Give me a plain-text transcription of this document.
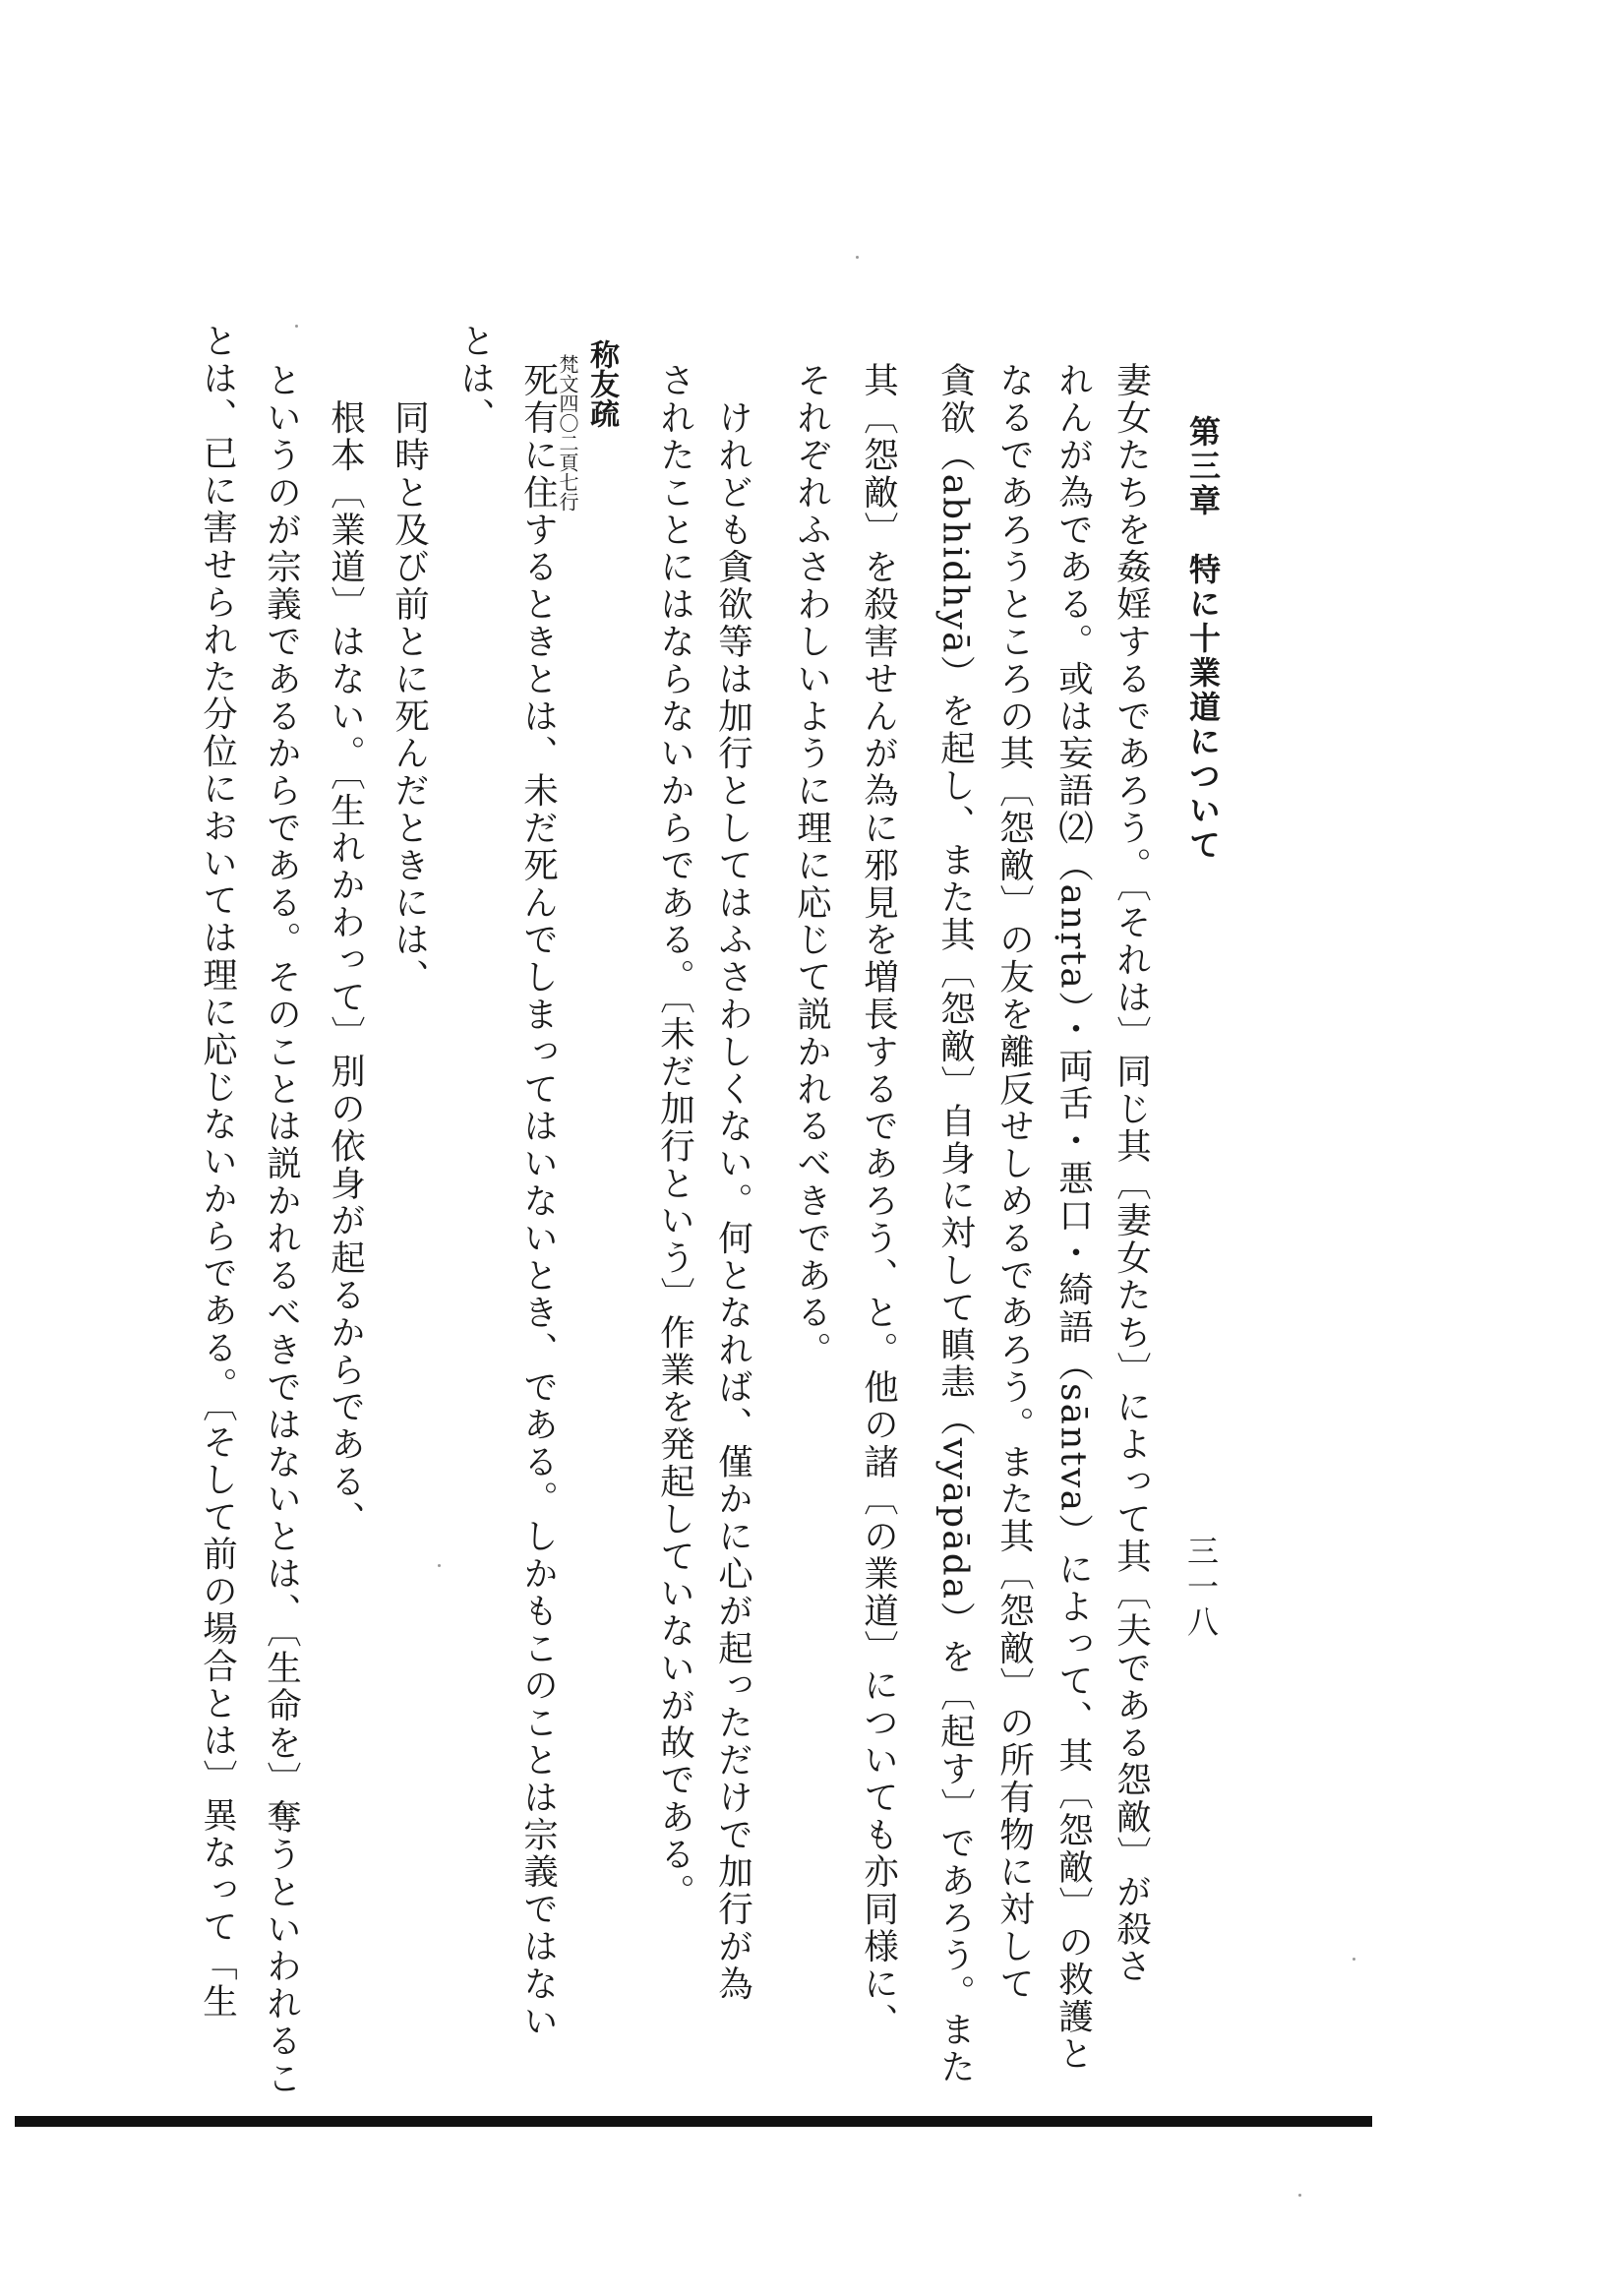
第三章　特に十業道について
三一八
妻女たちを姦婬するであろう。〔それは〕同じ其〔妻女たち〕によって其〔夫である怨敵〕が殺さ
れんが為である。或は妄語⑵（anṛta）・両舌・悪口・綺語（sāntva）によって、其〔怨敵〕の救護と
なるであろうところの其〔怨敵〕の友を離反せしめるであろう。また其〔怨敵〕の所有物に対して
貪欲（abhidhyā）を起し、また其〔怨敵〕自身に対して瞋恚（vyāpāda）を〔起す〕であろう。また
其〔怨敵〕を殺害せんが為に邪見を増長するであろう、と。他の諸〔の業道〕についても亦同様に、
それぞれふさわしいように理に応じて説かれるべきである。
　けれども貪欲等は加行としてはふさわしくない。何となれば、僅かに心が起っただけで加行が為
されたことにはならないからである。〔未だ加行という〕作業を発起していないが故である。
称友疏
梵文四〇二頁七行
死有に住するときとは、未だ死んでしまってはいないとき、である。しかもこのことは宗義ではない
とは、
　同時と及び前とに死んだときには、
　根本〔業道〕はない。〔生れかわって〕別の依身が起るからである、
というのが宗義であるからである。そのことは説かれるべきではないとは、〔生命を〕奪うといわれるこ
とは、已に害せられた分位においては理に応じないからである。〔そして前の場合とは〕異なって「生
